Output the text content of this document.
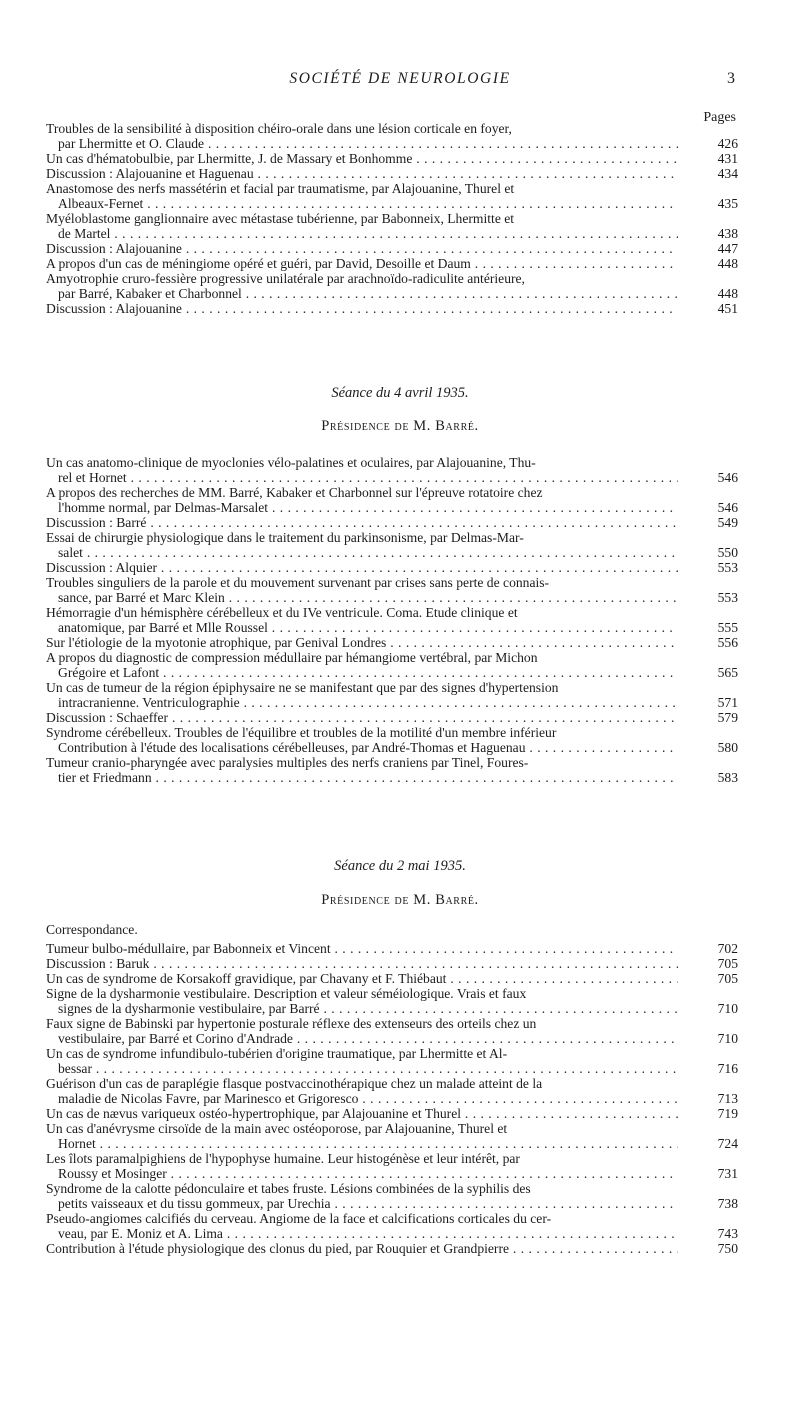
SOCIÉTÉ DE NEUROLOGIE	3
Pages
Troubles de la sensibilité à disposition chéiro-orale dans une lésion corticale en foyer,
par Lhermitte et O. Claude . . .	426
Un cas d'hématobulbie, par Lhermitte, J. de Massary et Bonhomme . . .	431
Discussion : Alajouanine et Haguenau . . .	434
Anastomose des nerfs massétérin et facial par traumatisme, par Alajouanine, Thurel et
Albeaux-Fernet . . .	435
Myéloblastome ganglionnaire avec métastase tubérienne, par Babonneix, Lhermitte et
de Martel . . .	438
Discussion : Alajouanine . . .	447
A propos d'un cas de méningiome opéré et guéri, par David, Desoille et Daum . . .	448
Amyotrophie cruro-fessière progressive unilatérale par arachnoïdo-radiculite antérieure,
par Barré, Kabaker et Charbonnel . . .	448
Discussion : Alajouanine . . .	451
Séance du 4 avril 1935.
Présidence de M. Barré.
Un cas anatomo-clinique de myoclonies vélo-palatines et oculaires, par Alajouanine, Thu-
rel et Hornet . . .	546
A propos des recherches de MM. Barré, Kabaker et Charbonnel sur l'épreuve rotatoire chez
l'homme normal, par Delmas-Marsalet . . .	546
Discussion : Barré . . .	549
Essai de chirurgie physiologique dans le traitement du parkinsonisme, par Delmas-Mar-
salet . . .	550
Discussion : Alquier . . .	553
Troubles singuliers de la parole et du mouvement survenant par crises sans perte de connais-
sance, par Barré et Marc Klein . . .	553
Hémorragie d'un hémisphère cérébelleux et du IVe ventricule. Coma. Etude clinique et
anatomique, par Barré et Mlle Roussel . . .	555
Sur l'étiologie de la myotonie atrophique, par Genival Londres . . .	556
A propos du diagnostic de compression médullaire par hémangiome vertébral, par Michon
Grégoire et Lafont . . .	565
Un cas de tumeur de la région épiphysaire ne se manifestant que par des signes d'hypertension
intracranienne. Ventriculographie . . .	571
Discussion : Schaeffer . . .	579
Syndrome cérébelleux. Troubles de l'équilibre et troubles de la motilité d'un membre inférieur
Contribution à l'étude des localisations cérébelleuses, par André-Thomas et Haguenau . . .	580
Tumeur cranio-pharyngée avec paralysies multiples des nerfs craniens par Tinel, Foures-
tier et Friedmann . . .	583
Séance du 2 mai 1935.
Présidence de M. Barré.
Correspondance.
Tumeur bulbo-médullaire, par Babonneix et Vincent . . .	702
Discussion : Baruk . . .	705
Un cas de syndrome de Korsakoff gravidique, par Chavany et F. Thiébaut . . .	705
Signe de la dysharmonie vestibulaire. Description et valeur séméiologique. Vrais et faux
signes de la dysharmonie vestibulaire, par Barré . . .	710
Faux signe de Babinski par hypertonie posturale réflexe des extenseurs des orteils chez un
vestibulaire, par Barré et Corino d'Andrade . . .	710
Un cas de syndrome infundibulo-tubérien d'origine traumatique, par Lhermitte et Al-
bessar . . .	716
Guérison d'un cas de paraplégie flasque postvaccinothérapique chez un malade atteint de la
maladie de Nicolas Favre, par Marinesco et Grigoresco . . .	713
Un cas de nævus variqueux ostéo-hypertrophique, par Alajouanine et Thurel . . .	719
Un cas d'anévrysme cirsoïde de la main avec ostéoporose, par Alajouanine, Thurel et
Hornet . . .	724
Les îlots paramalpighiens de l'hypophyse humaine. Leur histogénèse et leur intérêt, par
Roussy et Mosinger . . .	731
Syndrome de la calotte pédonculaire et tabes fruste. Lésions combinées de la syphilis des
petits vaisseaux et du tissu gommeux, par Urechia . . .	738
Pseudo-angiomes calcifiés du cerveau. Angiome de la face et calcifications corticales du cer-
veau, par E. Moniz et A. Lima . . .	743
Contribution à l'étude physiologique des clonus du pied, par Rouquier et Grandpierre . . .	750
